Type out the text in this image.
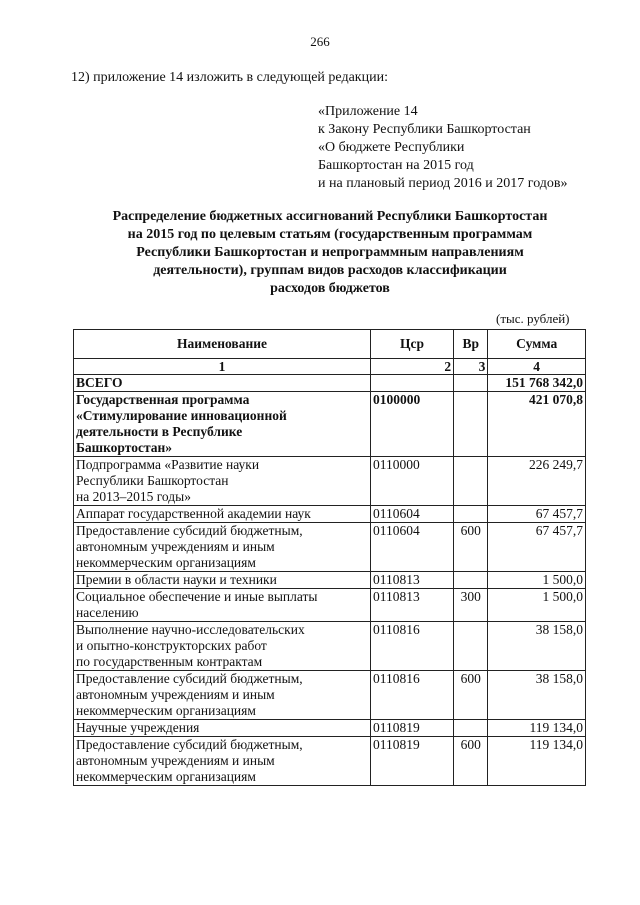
266
12) приложение 14 изложить в следующей редакции:
«Приложение 14
к Закону Республики Башкортостан
«О бюджете Республики
Башкортостан на 2015 год
и на плановый период 2016 и 2017 годов»
Распределение бюджетных ассигнований Республики Башкортостан
на 2015 год по целевым статьям (государственным программам
Республики Башкортостан и непрограммным направлениям
деятельности), группам видов расходов классификации
расходов бюджетов
(тыс. рублей)
Наименование	Цср	Вр	Сумма
1	2	3	4

ВСЕГО			151 768 342,0

Государственная программа
«Стимулирование инновационной
деятельности в Республике
Башкортостан»	0100000		421 070,8

Подпрограмма «Развитие науки
Республики Башкортостан
на 2013–2015 годы»	0110000		226 249,7

Аппарат государственной академии наук	0110604		67 457,7

Предоставление субсидий бюджетным,
автономным учреждениям и иным
некоммерческим организациям	0110604	600	67 457,7

Премии в области науки и техники	0110813		1 500,0

Социальное обеспечение и иные выплаты
населению	0110813	300	1 500,0

Выполнение научно-исследовательских
и опытно-конструкторских работ
по государственным контрактам	0110816		38 158,0

Предоставление субсидий бюджетным,
автономным учреждениям и иным
некоммерческим организациям	0110816	600	38 158,0

Научные учреждения	0110819		119 134,0

Предоставление субсидий бюджетным,
автономным учреждениям и иным
некоммерческим организациям	0110819	600	119 134,0
